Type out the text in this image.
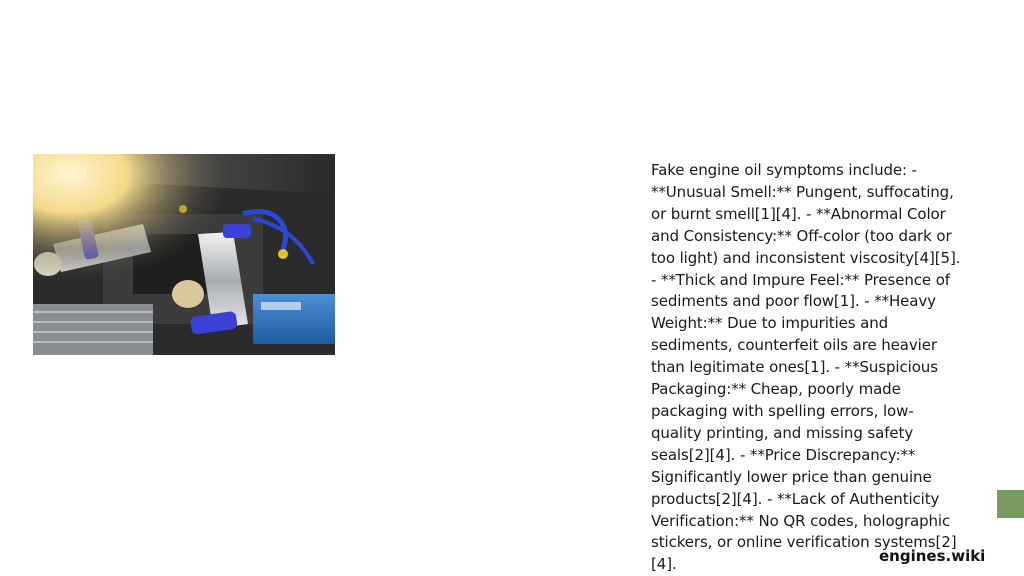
Fake engine oil symptoms include: - **Unusual Smell:** Pungent, suffocating, or burnt smell[1][4]. - **Abnormal Color and Consistency:** Off-color (too dark or too light) and inconsistent viscosity[4][5]. - **Thick and Impure Feel:** Presence of sediments and poor flow[1]. - **Heavy Weight:** Due to impurities and sediments, counterfeit oils are heavier than legitimate ones[1]. - **Suspicious Packaging:** Cheap, poorly made packaging with spelling errors, low-quality printing, and missing safety seals[2][4]. - **Price Discrepancy:** Significantly lower price than genuine products[2][4]. - **Lack of Authenticity Verification:** No QR codes, holographic stickers, or online verification systems[2][4].	engines.wiki
